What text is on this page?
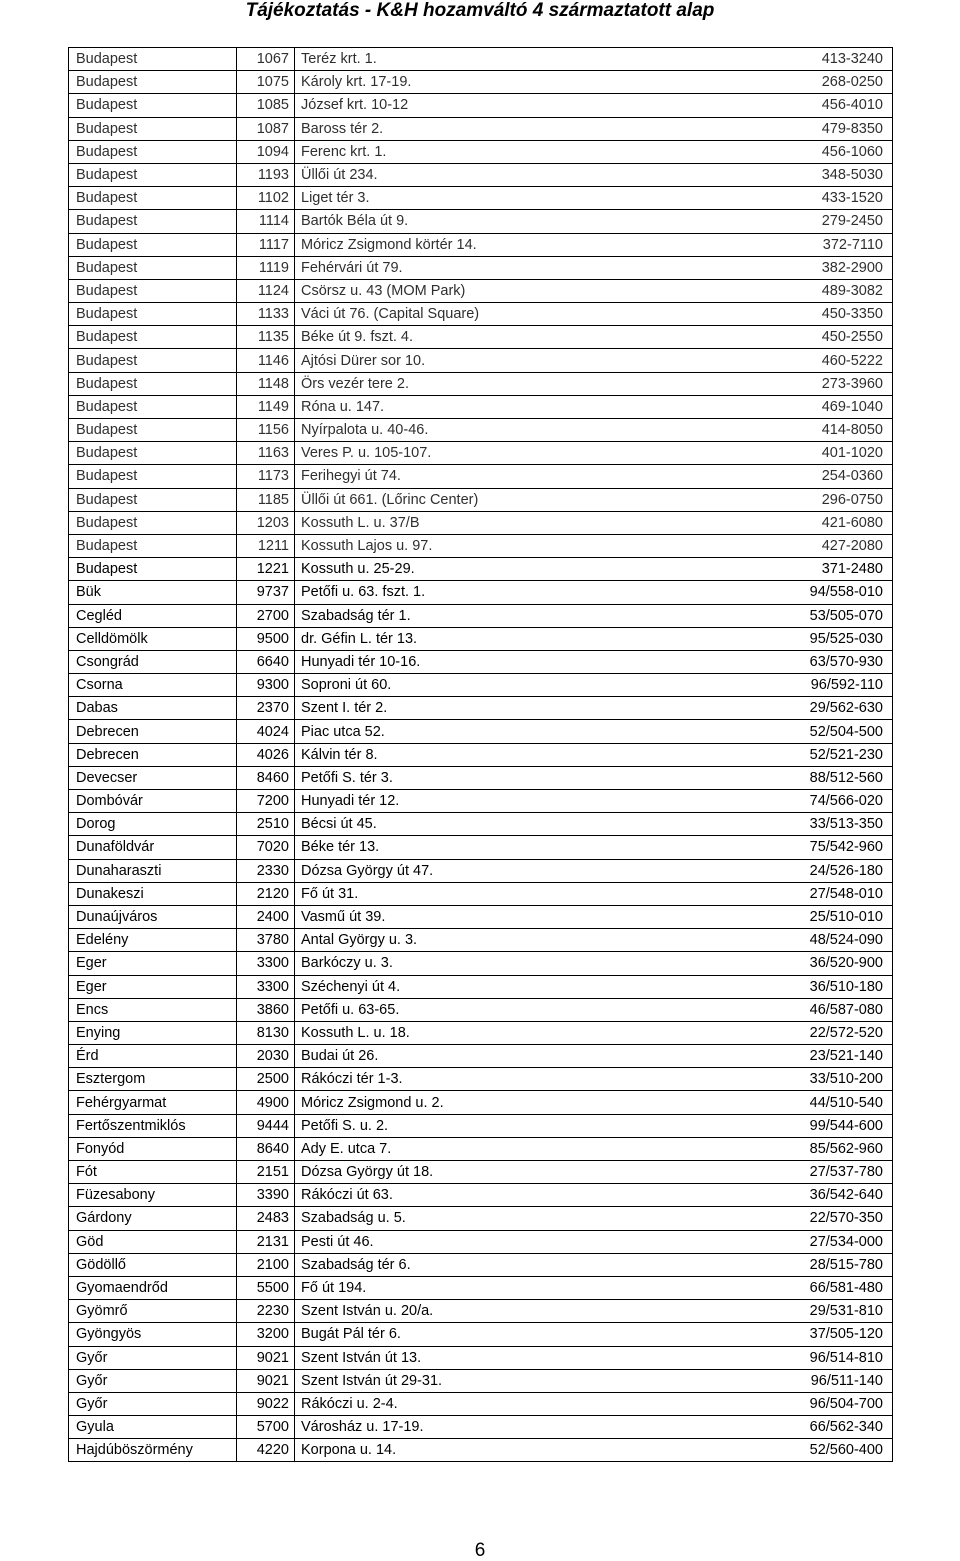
Tájékoztatás - K&H hozamváltó 4 származtatott alap
Budapest	1067	Teréz krt. 1.	413-3240
Budapest	1075	Károly krt. 17-19.	268-0250
Budapest	1085	József krt. 10-12	456-4010
Budapest	1087	Baross tér 2.	479-8350
Budapest	1094	Ferenc krt. 1.	456-1060
Budapest	1193	Üllői út 234.	348-5030
Budapest	1102	Liget tér 3.	433-1520
Budapest	1114	Bartók Béla út 9.	279-2450
Budapest	1117	Móricz Zsigmond körtér 14.	372-7110
Budapest	1119	Fehérvári út 79.	382-2900
Budapest	1124	Csörsz u. 43 (MOM Park)	489-3082
Budapest	1133	Váci út 76. (Capital Square)	450-3350
Budapest	1135	Béke út 9. fszt. 4.	450-2550
Budapest	1146	Ajtósi Dürer sor 10.	460-5222
Budapest	1148	Örs vezér tere 2.	273-3960
Budapest	1149	Róna u. 147.	469-1040
Budapest	1156	Nyírpalota u. 40-46.	414-8050
Budapest	1163	Veres P. u. 105-107.	401-1020
Budapest	1173	Ferihegyi út 74.	254-0360
Budapest	1185	Üllői út 661. (Lőrinc Center)	296-0750
Budapest	1203	Kossuth L. u. 37/B	421-6080
Budapest	1211	Kossuth Lajos u. 97.	427-2080
Budapest	1221	Kossuth u. 25-29.	371-2480
Bük	9737	Petőfi u. 63. fszt. 1.	94/558-010
Cegléd	2700	Szabadság tér 1.	53/505-070
Celldömölk	9500	dr. Géfin L. tér 13.	95/525-030
Csongrád	6640	Hunyadi tér 10-16.	63/570-930
Csorna	9300	Soproni út 60.	96/592-110
Dabas	2370	Szent I. tér 2.	29/562-630
Debrecen	4024	Piac utca 52.	52/504-500
Debrecen	4026	Kálvin tér 8.	52/521-230
Devecser	8460	Petőfi S. tér 3.	88/512-560
Dombóvár	7200	Hunyadi tér 12.	74/566-020
Dorog	2510	Bécsi út 45.	33/513-350
Dunaföldvár	7020	Béke tér 13.	75/542-960
Dunaharaszti	2330	Dózsa György út 47.	24/526-180
Dunakeszi	2120	Fő út 31.	27/548-010
Dunaújváros	2400	Vasmű út 39.	25/510-010
Edelény	3780	Antal György u. 3.	48/524-090
Eger	3300	Barkóczy u. 3.	36/520-900
Eger	3300	Széchenyi út 4.	36/510-180
Encs	3860	Petőfi u. 63-65.	46/587-080
Enying	8130	Kossuth L. u. 18.	22/572-520
Érd	2030	Budai út 26.	23/521-140
Esztergom	2500	Rákóczi tér 1-3.	33/510-200
Fehérgyarmat	4900	Móricz Zsigmond u. 2.	44/510-540
Fertőszentmiklós	9444	Petőfi S. u. 2.	99/544-600
Fonyód	8640	Ady E. utca 7.	85/562-960
Fót	2151	Dózsa György út 18.	27/537-780
Füzesabony	3390	Rákóczi út 63.	36/542-640
Gárdony	2483	Szabadság u. 5.	22/570-350
Göd	2131	Pesti út 46.	27/534-000
Gödöllő	2100	Szabadság tér 6.	28/515-780
Gyomaendrőd	5500	Fő út 194.	66/581-480
Gyömrő	2230	Szent István u. 20/a.	29/531-810
Gyöngyös	3200	Bugát Pál tér 6.	37/505-120
Győr	9021	Szent István út 13.	96/514-810
Győr	9021	Szent István út 29-31.	96/511-140
Győr	9022	Rákóczi u. 2-4.	96/504-700
Gyula	5700	Városház u. 17-19.	66/562-340
Hajdúböszörmény	4220	Korpona u. 14.	52/560-400
6
